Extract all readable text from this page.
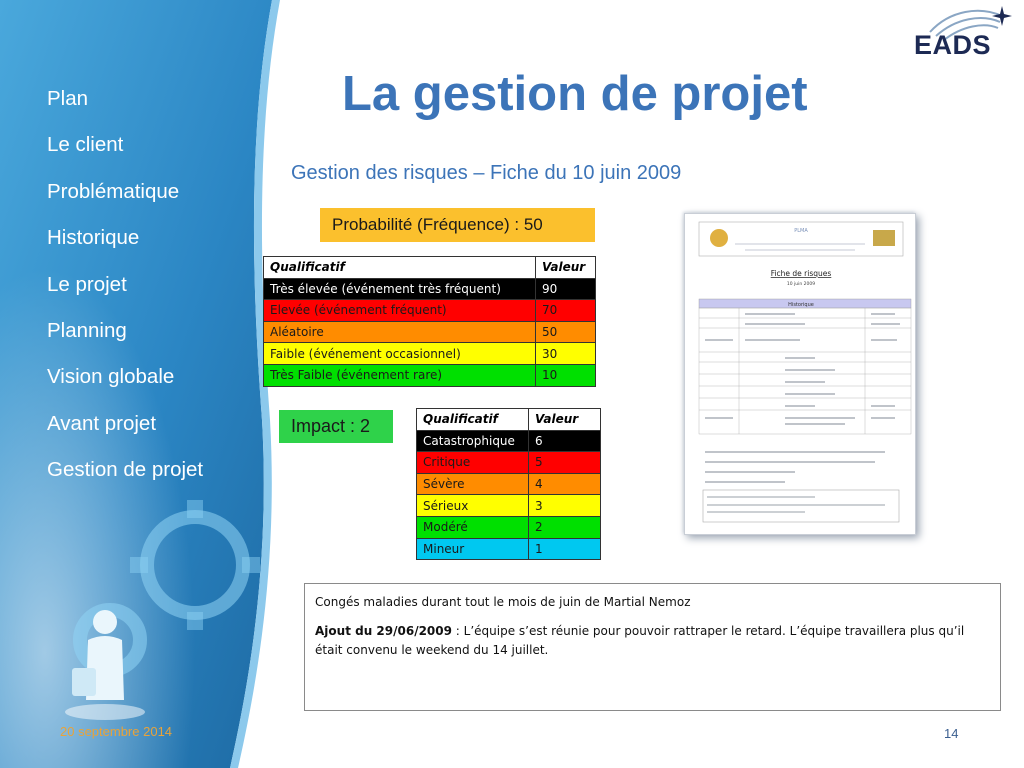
Plan
Le client
Problématique
Historique
Le projet
Planning
Vision globale
Avant projet
Gestion de projet
20 septembre 2014	14
EADS
La gestion de projet
Gestion des risques – Fiche du 10 juin 2009
Probabilité (Fréquence) : 50
Qualificatif	Valeur
Très élevée (événement très fréquent)	90
Elevée (événement fréquent)	70
Aléatoire	50
Faible (événement occasionnel)	30
Très Faible (événement rare)	10
Impact : 2	Qualificatif	Valeur
Catastrophique	6
Critique	5
Sévère	4
Sérieux	3
Modéré	2
Mineur	1
PLMA
Fiche de risques
10 juin 2009
Historique

Congés maladies durant tout le mois de juin de Martial Nemoz

Ajout du 29/06/2009 : L’équipe s’est réunie pour pouvoir rattraper le retard. L’équipe travaillera plus qu’il était convenu le weekend du 14 juillet.
